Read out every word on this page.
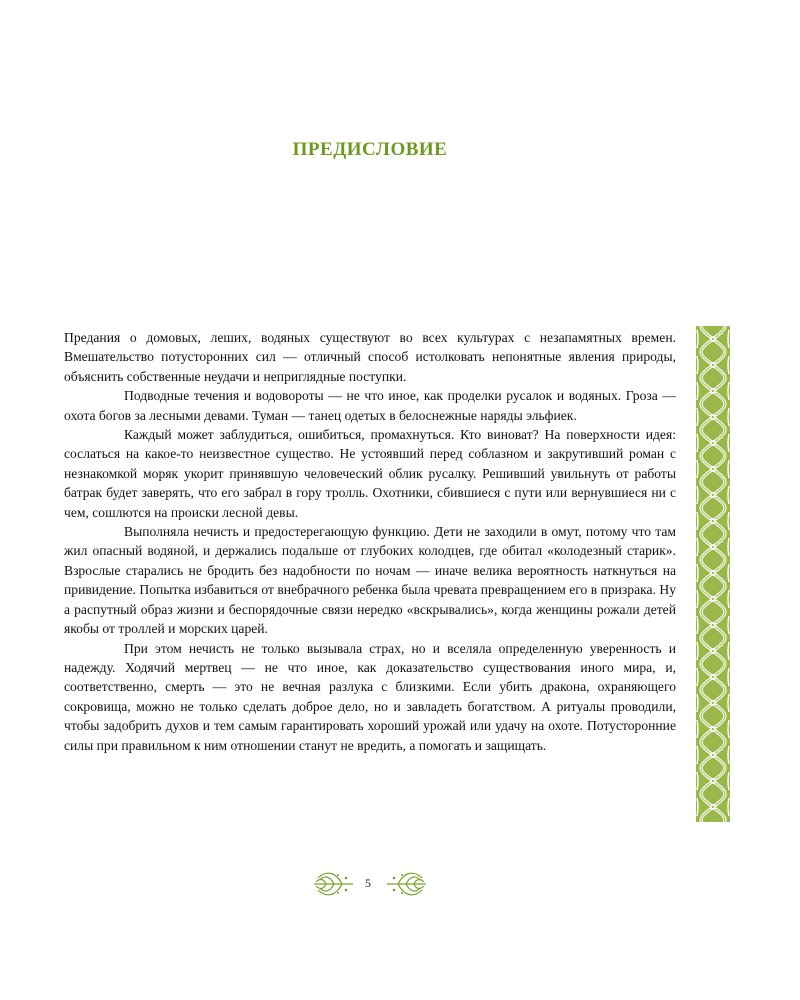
ПРЕДИСЛОВИЕ

Предания о домовых, леших, водяных существуют во всех культурах с незапамятных времен. Вмешательство потусторонних сил — отличный способ истолковать непонятные явления природы, объяснить собственные неудачи и неприглядные поступки.

Подводные течения и водовороты — не что иное, как проделки русалок и водяных. Гроза — охота богов за лесными девами. Туман — танец одетых в белоснежные наряды эльфиек.

Каждый может заблудиться, ошибиться, промахнуться. Кто виноват? На поверхности идея: сослаться на какое-то неизвестное существо. Не устоявший перед соблазном и закрутивший роман с незнакомкой моряк укорит принявшую человеческий облик русалку. Решивший увильнуть от работы батрак будет заверять, что его забрал в гору тролль. Охотники, сбившиеся с пути или вернувшиеся ни с чем, сошлются на происки лесной девы.

Выполняла нечисть и предостерегающую функцию. Дети не заходили в омут, потому что там жил опасный водяной, и держались подальше от глубоких колодцев, где обитал «колодезный старик». Взрослые старались не бродить без надобности по ночам — иначе велика вероятность наткнуться на привидение. Попытка избавиться от внебрачного ребенка была чревата превращением его в призрака. Ну а распутный образ жизни и беспорядочные связи нередко «вскрывались», когда женщины рожали детей якобы от троллей и морских царей.

При этом нечисть не только вызывала страх, но и вселяла определенную уверенность и надежду. Ходячий мертвец — не что иное, как доказательство существования иного мира, и, соответственно, смерть — это не вечная разлука с близкими. Если убить дракона, охраняющего сокровища, можно не только сделать доброе дело, но и завладеть богатством. А ритуалы проводили, чтобы задобрить духов и тем самым гарантировать хороший урожай или удачу на охоте. Потусторонние силы при правильном к ним отношении станут не вредить, а помогать и защищать.

5
